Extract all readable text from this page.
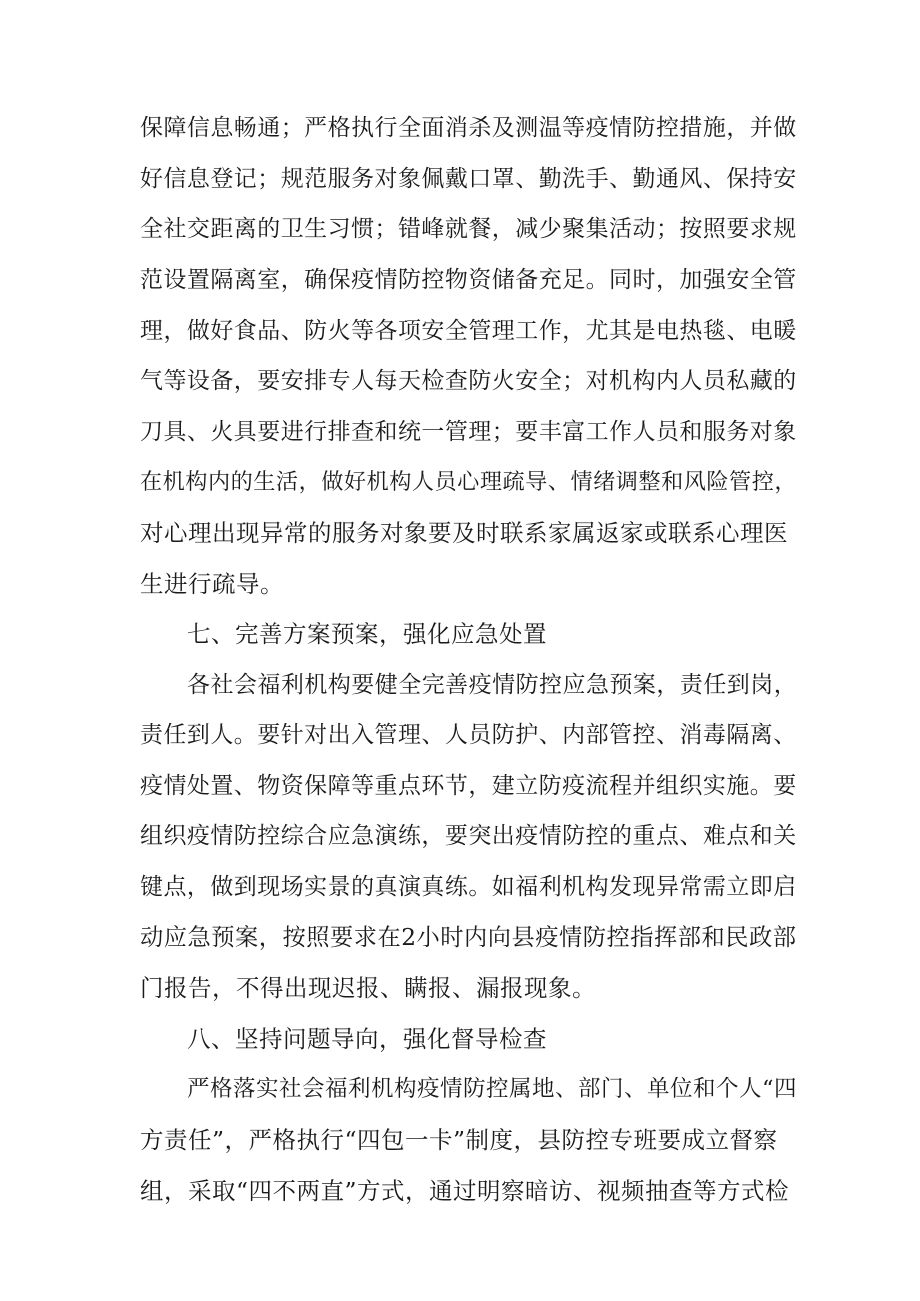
保障信息畅通；严格执行全面消杀及测温等疫情防控措施，并做
好信息登记；规范服务对象佩戴口罩、勤洗手、勤通风、保持安
全社交距离的卫生习惯；错峰就餐，减少聚集活动；按照要求规
范设置隔离室，确保疫情防控物资储备充足。同时，加强安全管
理，做好食品、防火等各项安全管理工作，尤其是电热毯、电暖
气等设备，要安排专人每天检查防火安全；对机构内人员私藏的
刀具、火具要进行排查和统一管理；要丰富工作人员和服务对象
在机构内的生活，做好机构人员心理疏导、情绪调整和风险管控，
对心理出现异常的服务对象要及时联系家属返家或联系心理医
生进行疏导。
七、完善方案预案，强化应急处置
各社会福利机构要健全完善疫情防控应急预案，责任到岗，
责任到人。要针对出入管理、人员防护、内部管控、消毒隔离、
疫情处置、物资保障等重点环节，建立防疫流程并组织实施。要
组织疫情防控综合应急演练，要突出疫情防控的重点、难点和关
键点，做到现场实景的真演真练。如福利机构发现异常需立即启
动应急预案，按照要求在2小时内向县疫情防控指挥部和民政部
门报告，不得出现迟报、瞒报、漏报现象。
八、坚持问题导向，强化督导检查
严格落实社会福利机构疫情防控属地、部门、单位和个人“四
方责任”，严格执行“四包一卡”制度，县防控专班要成立督察
组，采取“四不两直”方式，通过明察暗访、视频抽查等方式检
